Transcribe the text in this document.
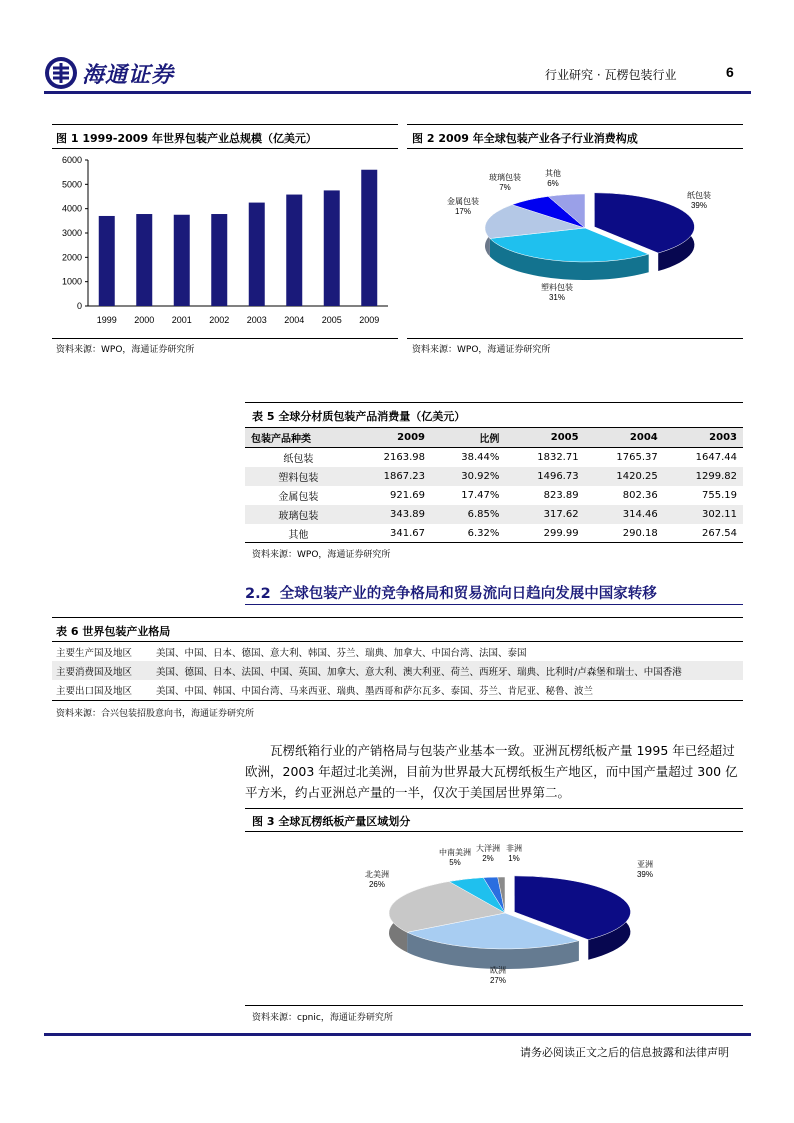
海通证券	行业研究 · 瓦楞包装行业	6
图 1 1999-2009 年世界包装产业总规模（亿美元）
0
1000
2000
3000
4000
5000
6000
1999 2000 2001 2002 2003 2004 2005 2009
资料来源：WPO，海通证券研究所
图 2 2009 年全球包装产业各子行业消费构成
纸包装
39%
塑料包装
31%
金属包装
17%
玻璃包装
7%
其他
6%
资料来源：WPO，海通证券研究所
表 5 全球分材质包装产品消费量（亿美元）
包装产品种类	2009	比例	2005	2004	2003
纸包装	2163.98	38.44%	1832.71	1765.37	1647.44
塑料包装	1867.23	30.92%	1496.73	1420.25	1299.82
金属包装	921.69	17.47%	823.89	802.36	755.19
玻璃包装	343.89	6.85%	317.62	314.46	302.11
其他	341.67	6.32%	299.99	290.18	267.54
资料来源：WPO，海通证券研究所
2.2 全球包装产业的竞争格局和贸易流向日趋向发展中国家转移
表 6 世界包装产业格局
主要生产国及地区	美国、中国、日本、德国、意大利、韩国、芬兰、瑞典、加拿大、中国台湾、法国、泰国
主要消费国及地区	美国、德国、日本、法国、中国、英国、加拿大、意大利、澳大利亚、荷兰、西班牙、瑞典、比利时/卢森堡和瑞士、中国香港
主要出口国及地区	美国、中国、韩国、中国台湾、马来西亚、瑞典、墨西哥和萨尔瓦多、泰国、芬兰、肯尼亚、秘鲁、波兰
资料来源：合兴包装招股意向书，海通证券研究所
瓦楞纸箱行业的产销格局与包装产业基本一致。亚洲瓦楞纸板产量 1995 年已经超过欧洲，2003 年超过北美洲，目前为世界最大瓦楞纸板生产地区，而中国产量超过 300 亿平方米，约占亚洲总产量的一半，仅次于美国居世界第二。
图 3 全球瓦楞纸板产量区域划分
亚洲
39%
欧洲
27%
北美洲
26%
中南美洲
5%
大洋洲
2%
非洲
1%
资料来源：cpnic，海通证券研究所
请务必阅读正文之后的信息披露和法律声明
